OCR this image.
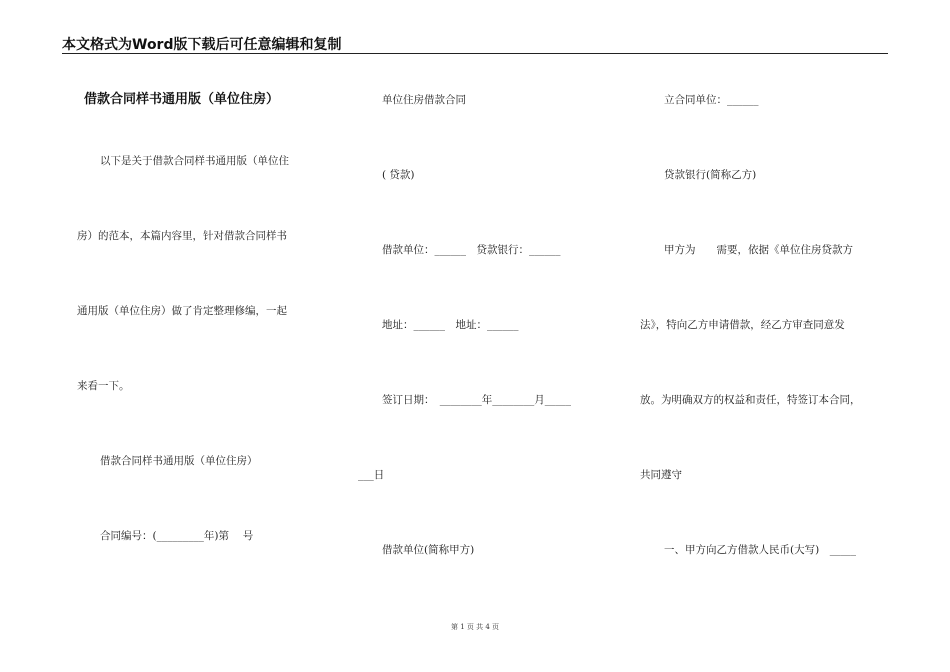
本文格式为Word版下载后可任意编辑和复制
借款合同样书通用版（单位住房）
以下是关于借款合同样书通用版（单位住
房）的范本，本篇内容里，针对借款合同样书
通用版（单位住房）做了肯定整理修编，一起
来看一下。
借款合同样书通用版（单位住房）
合同编号：(_________年)第　 号
单位住房借款合同
( 贷款)
借款单位：______　贷款银行：______
地址：______　地址：______
签订日期：　________年________月_____
___日
借款单位(简称甲方)
立合同单位：______
贷款银行(简称乙方)
甲方为　　需要，依据《单位住房贷款方
法》，特向乙方申请借款，经乙方审查同意发
放。为明确双方的权益和责任，特签订本合同，
共同遵守
一、甲方向乙方借款人民币(大写)　_____
第 1 页 共 4 页
